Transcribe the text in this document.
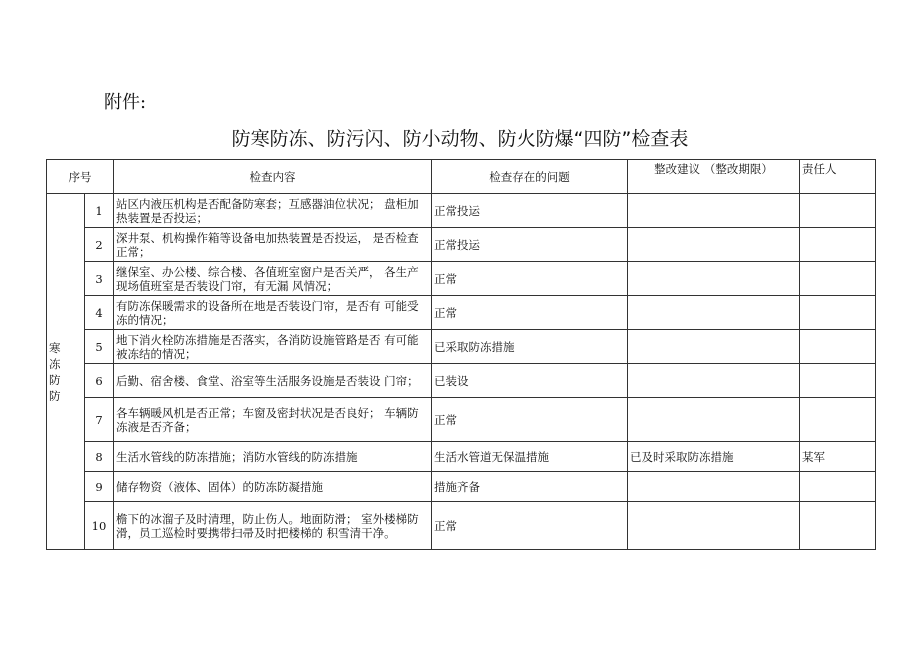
附件:
防寒防冻、防污闪、防小动物、防火防爆“四防”检查表
序号		检查内容	检查存在的问题	整改建议 （整改期限）	责任人

寒
冻
防
防	1	站区内液压机构是否配备防寒套；互感器油位状况； 盘柜加热装置是否投运；	正常投运		
	2	深井泵、机构操作箱等设备电加热装置是否投运， 是否检查正常；	正常投运		
	3	继保室、办公楼、综合楼、各值班室窗户是否关严， 各生产现场值班室是否装设门帘，有无漏 风情况；	正常		
	4	有防冻保暖需求的设备所在地是否装设门帘，是否有 可能受冻的情况；	正常		
	5	地下消火栓防冻措施是否落实，各消防设施管路是否 有可能被冻结的情况；	已采取防冻措施		
	6	后勤、宿舍楼、食堂、浴室等生活服务设施是否装设 门帘；	已装设		
	7	各车辆暖风机是否正常；车窗及密封状况是否良好； 车辆防冻液是否齐备；	正常		
	8	生活水管线的防冻措施；消防水管线的防冻措施	生活水管道无保温措施	已及时采取防冻措施	某军
	9	储存物资（液体、固体）的防冻防凝措施	措施齐备		
	10	檐下的冰溜子及时清理，防止伤人。地面防滑； 室外楼梯防滑，员工巡检时要携带扫帚及时把楼梯的 积雪清干净。	正常		
